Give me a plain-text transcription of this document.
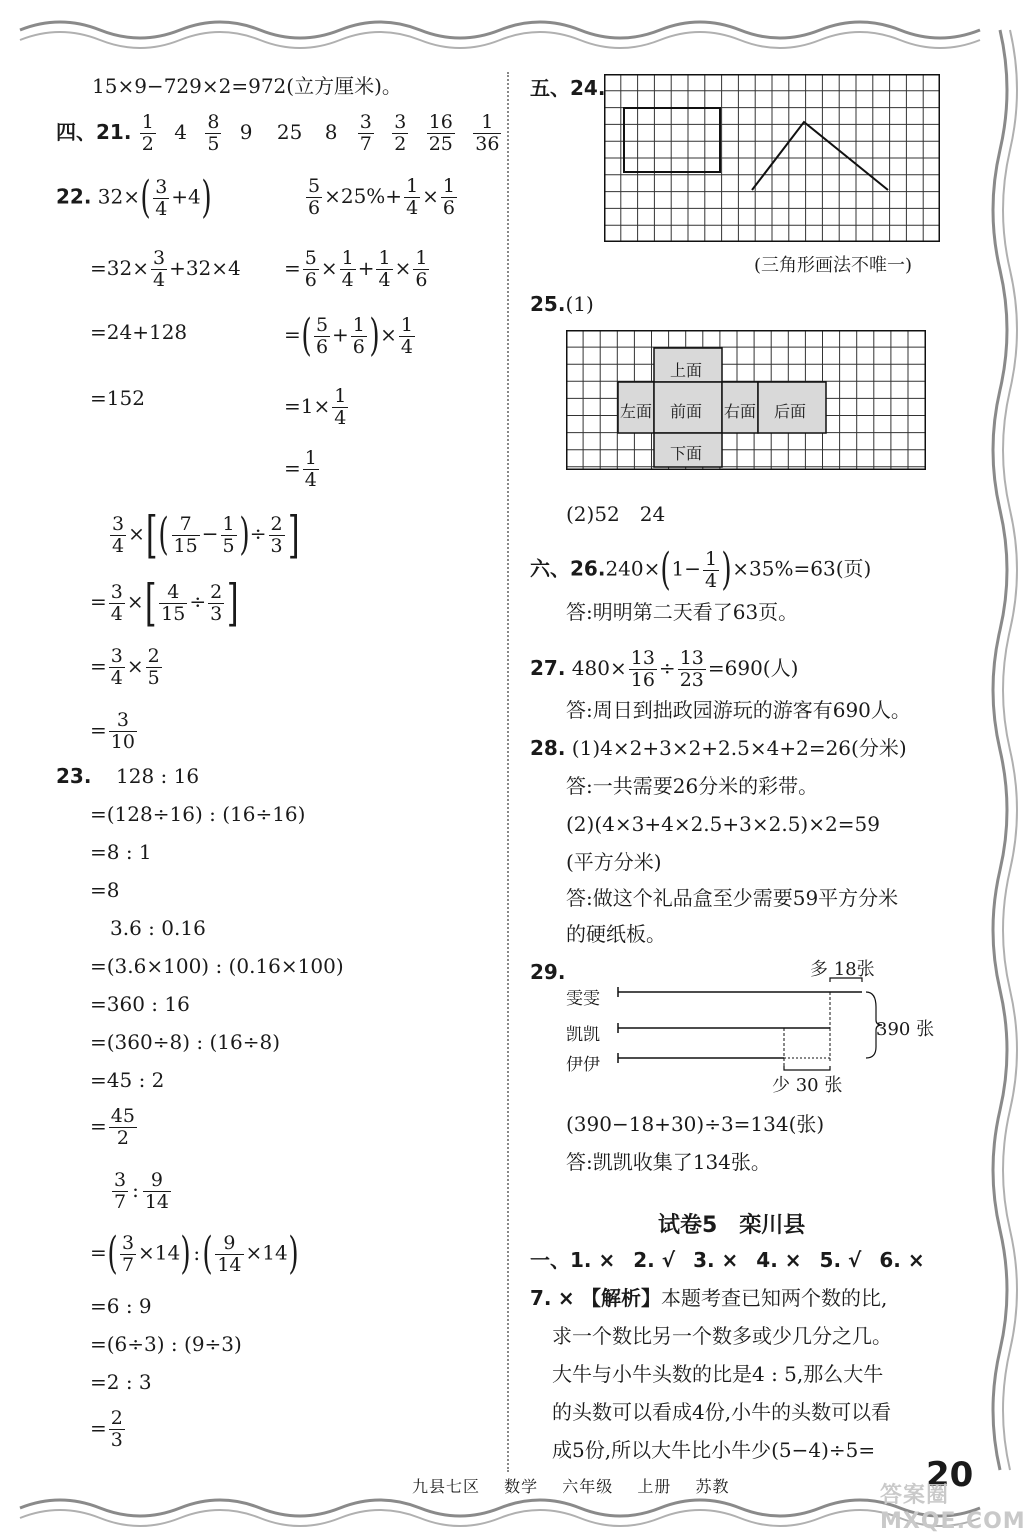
15×9−729×2=972(立方厘米)。
四、21. $\frac{1}{2} 4 \frac{8}{5} 9$ 25 $8 \frac{3}{7}$
$\frac{3}{2}$
$\frac{16}{25}$
$\frac{1}{36}$
22. $32\times( \frac{3}{4} +4)$
$=32\times \frac{3}{4} +32\times 4$
=24+128
=152
$\frac{5}{6} \times 25\%+ \frac{1}{4} \times \frac{1}{6}$
= $\frac{5}{6} \times \frac{1}{4} + \frac{1}{4} \times \frac{1}{6}$
=( $\frac{5}{6} + \frac{1}{6}$ )× $\frac{1}{4}$
$=1\times \frac{1}{4}$
= $\frac{1}{4}$
$\frac{3}{4}$ ×[( $\frac{7}{15} - \frac{1}{5}$ )÷ $\frac{2}{3}$ ]
= $\frac{3}{4}$ ×[ $\frac{4}{15} \div \frac{2}{3}$ ]
= $\frac{3}{4} \times \frac{2}{5}$
= $\frac{3}{10}$
23. 128 : 16
=(128÷16) : (16÷16)
=8 : 1
=8
3.6 : 0.16
=(3.6×100) : (0.16×100)
=360 : 16
=(360÷8) : (16÷8)
=45 : 2
= $\frac{45}{2}$
$\frac{3}{7}$ : $\frac{9}{14}$
=( $\frac{3}{7} \times 14$) :( $\frac{9}{14} \times 14$)
=6 : 9
=(6÷3) : (9÷3)
=2 : 3
= $\frac{2}{3}$
五、24.
(三角形画法不唯一)
25.(1)
上面
左面 前面 右面 后面
下面
(2)52　24
六、$26.240\times(1- \frac{1}{4} )\times 35\%=63$(页)
答:明明第二天看了63页。
27. $480\times \frac{13}{16} \div \frac{13}{23} =690$(人)
答:周日到拙政园游玩的游客有690人。
28. (1)4×2+3×2+2.5×4+2=26(分米)
答:一共需要26分米的彩带。
(2)(4×3+4×2.5+3×2.5)×2=59
(平方分米)
答:做这个礼品盒至少需要59平方分米
的硬纸板。
29.
雯雯
凯凯
伊伊
多 18张
390 张
少 30 张
(390−18+30)÷3=134(张)
答:凯凯收集了134张。
试卷5　栾川县
一、1. × 2. √ 3. × 4. × 5. √ 6. ×
7. × 【解析】本题考查已知两个数的比,
求一个数比另一个数多或少几分之几。
大牛与小牛头数的比是4 : 5,那么大牛
的头数可以看成4份,小牛的头数可以看
成5份,所以大牛比小牛少(5−4)÷5=
九县七区 数学 六年级 上册 苏教	20
答案圈 MXQE.COM
